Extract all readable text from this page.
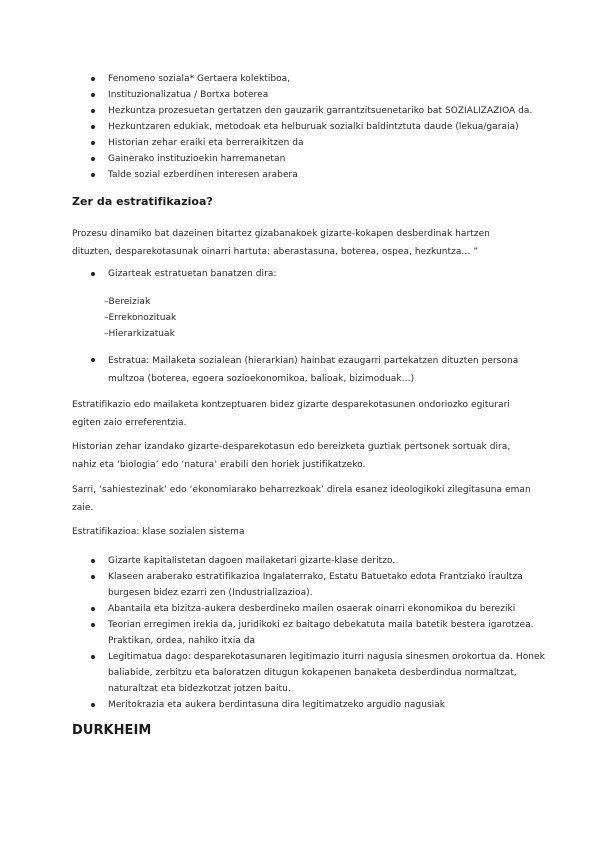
Fenomeno soziala* Gertaera kolektiboa,
Instituzionalizatua / Bortxa boterea
Hezkuntza prozesuetan gertatzen den gauzarik garrantzitsuenetariko bat SOZIALIZAZIOA da.
Hezkuntzaren edukiak, metodoak eta helburuak sozialki baldintztuta daude (lekua/garaia)
Historian zehar eraiki eta berreraikitzen da
Gainerako instituzioekin harremanetan
Talde sozial ezberdinen interesen arabera
Zer da estratifikazioa?

Prozesu dinamiko bat dazeinen bitartez gizabanakoek gizarte-kokapen desberdinak hartzen dituzten, desparekotasunak oinarri hartuta: aberastasuna, boterea, ospea, hezkuntza… ”

Gizarteak estratuetan banatzen dira:

–Bereiziak

–Errekonozituak

–Hierarkizatuak

Estratua: Mailaketa sozialean (hierarkian) hainbat ezaugarri partekatzen dituzten persona multzoa (boterea, egoera sozioekonomikoa, balioak, bizimoduak…)

Estratifikazio edo mailaketa kontzeptuaren bidez gizarte desparekotasunen ondoriozko egiturari egiten zaio erreferentzia.

Historian zehar izandako gizarte-desparekotasun edo bereizketa guztiak pertsonek sortuak dira, nahiz eta ‘biologia’ edo ‘natura’ erabili den horiek justifikatzeko.

Sarri, ‘sahiestezinak’ edo ‘ekonomiarako beharrezkoak’ direla esanez ideologikoki zilegitasuna eman zaie.

Estratifikazioa: klase sozialen sistema

Gizarte kapitalistetan dagoen mailaketari gizarte-klase deritzo.
Klaseen araberako estratifikazioa Ingalaterrako, Estatu Batuetako edota Frantziako iraultza burgesen bidez ezarri zen (Industrializazioa).
Abantaila eta bizitza-aukera desberdineko mailen osaerak oinarri ekonomikoa du bereziki
Teorian erregimen irekia da, juridikoki ez baitago debekatuta maila batetik bestera igarotzea. Praktikan, ordea, nahiko itxia da
Legitimatua dago: desparekotasunaren legitimazio iturri nagusia sinesmen orokortua da. Honek baliabide, zerbitzu eta baloratzen ditugun kokapenen banaketa desberdindua normaltzat, naturaltzat eta bidezkotzat jotzen baitu.
Meritokrazia eta aukera berdintasuna dira legitimatzeko argudio nagusiak
DURKHEIM
